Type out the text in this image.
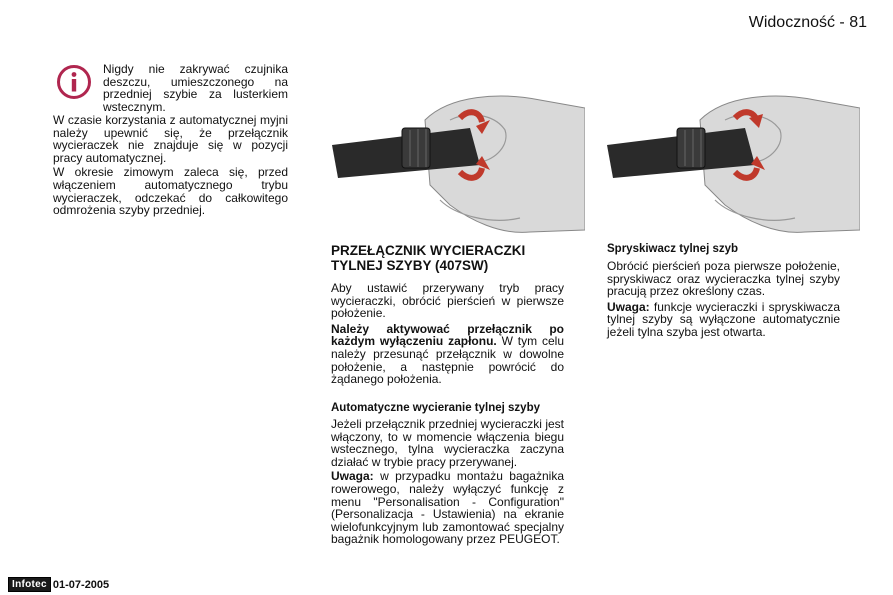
Widoczność - 81

Nigdy nie zakrywać czujnika deszczu, umieszczonego na przedniej szybie za lusterkiem wstecznym.

W czasie korzystania z automatycznej myjni należy upewnić się, że przełącznik wycieraczek nie znajduje się w pozycji pracy automatycznej.

W okresie zimowym zaleca się, przed włączeniem automatycznego trybu wycieraczek, odczekać do całkowitego odmrożenia szyby przedniej.

PRZEŁĄCZNIK WYCIERACZKI TYLNEJ SZYBY (407SW)

Aby ustawić przerywany tryb pracy wycieraczki, obrócić pierścień w pierwsze położenie.

Należy aktywować przełącznik po każdym wyłączeniu zapłonu. W tym celu należy przesunąć przełącznik w dowolne położenie, a następnie powrócić do żądanego położenia.

Automatyczne wycieranie tylnej szyby

Jeżeli przełącznik przedniej wycieraczki jest włączony, to w momencie włączenia biegu wstecznego, tylna wycieraczka zaczyna działać w trybie pracy przerywanej.

Uwaga: w przypadku montażu bagażnika rowerowego, należy wyłączyć funkcję z menu "Personalisation - Configuration" (Personalizacja - Ustawienia) na ekranie wielofunkcyjnym lub zamontować specjalny bagażnik homologowany przez PEUGEOT.

Spryskiwacz tylnej szyb

Obrócić pierścień poza pierwsze położenie, spryskiwacz oraz wycieraczka tylnej szyby pracują przez określony czas.

Uwaga: funkcje wycieraczki i spryskiwacza tylnej szyby są wyłączone automatycznie jeżeli tylna szyba jest otwarta.

Infotec 01-07-2005
